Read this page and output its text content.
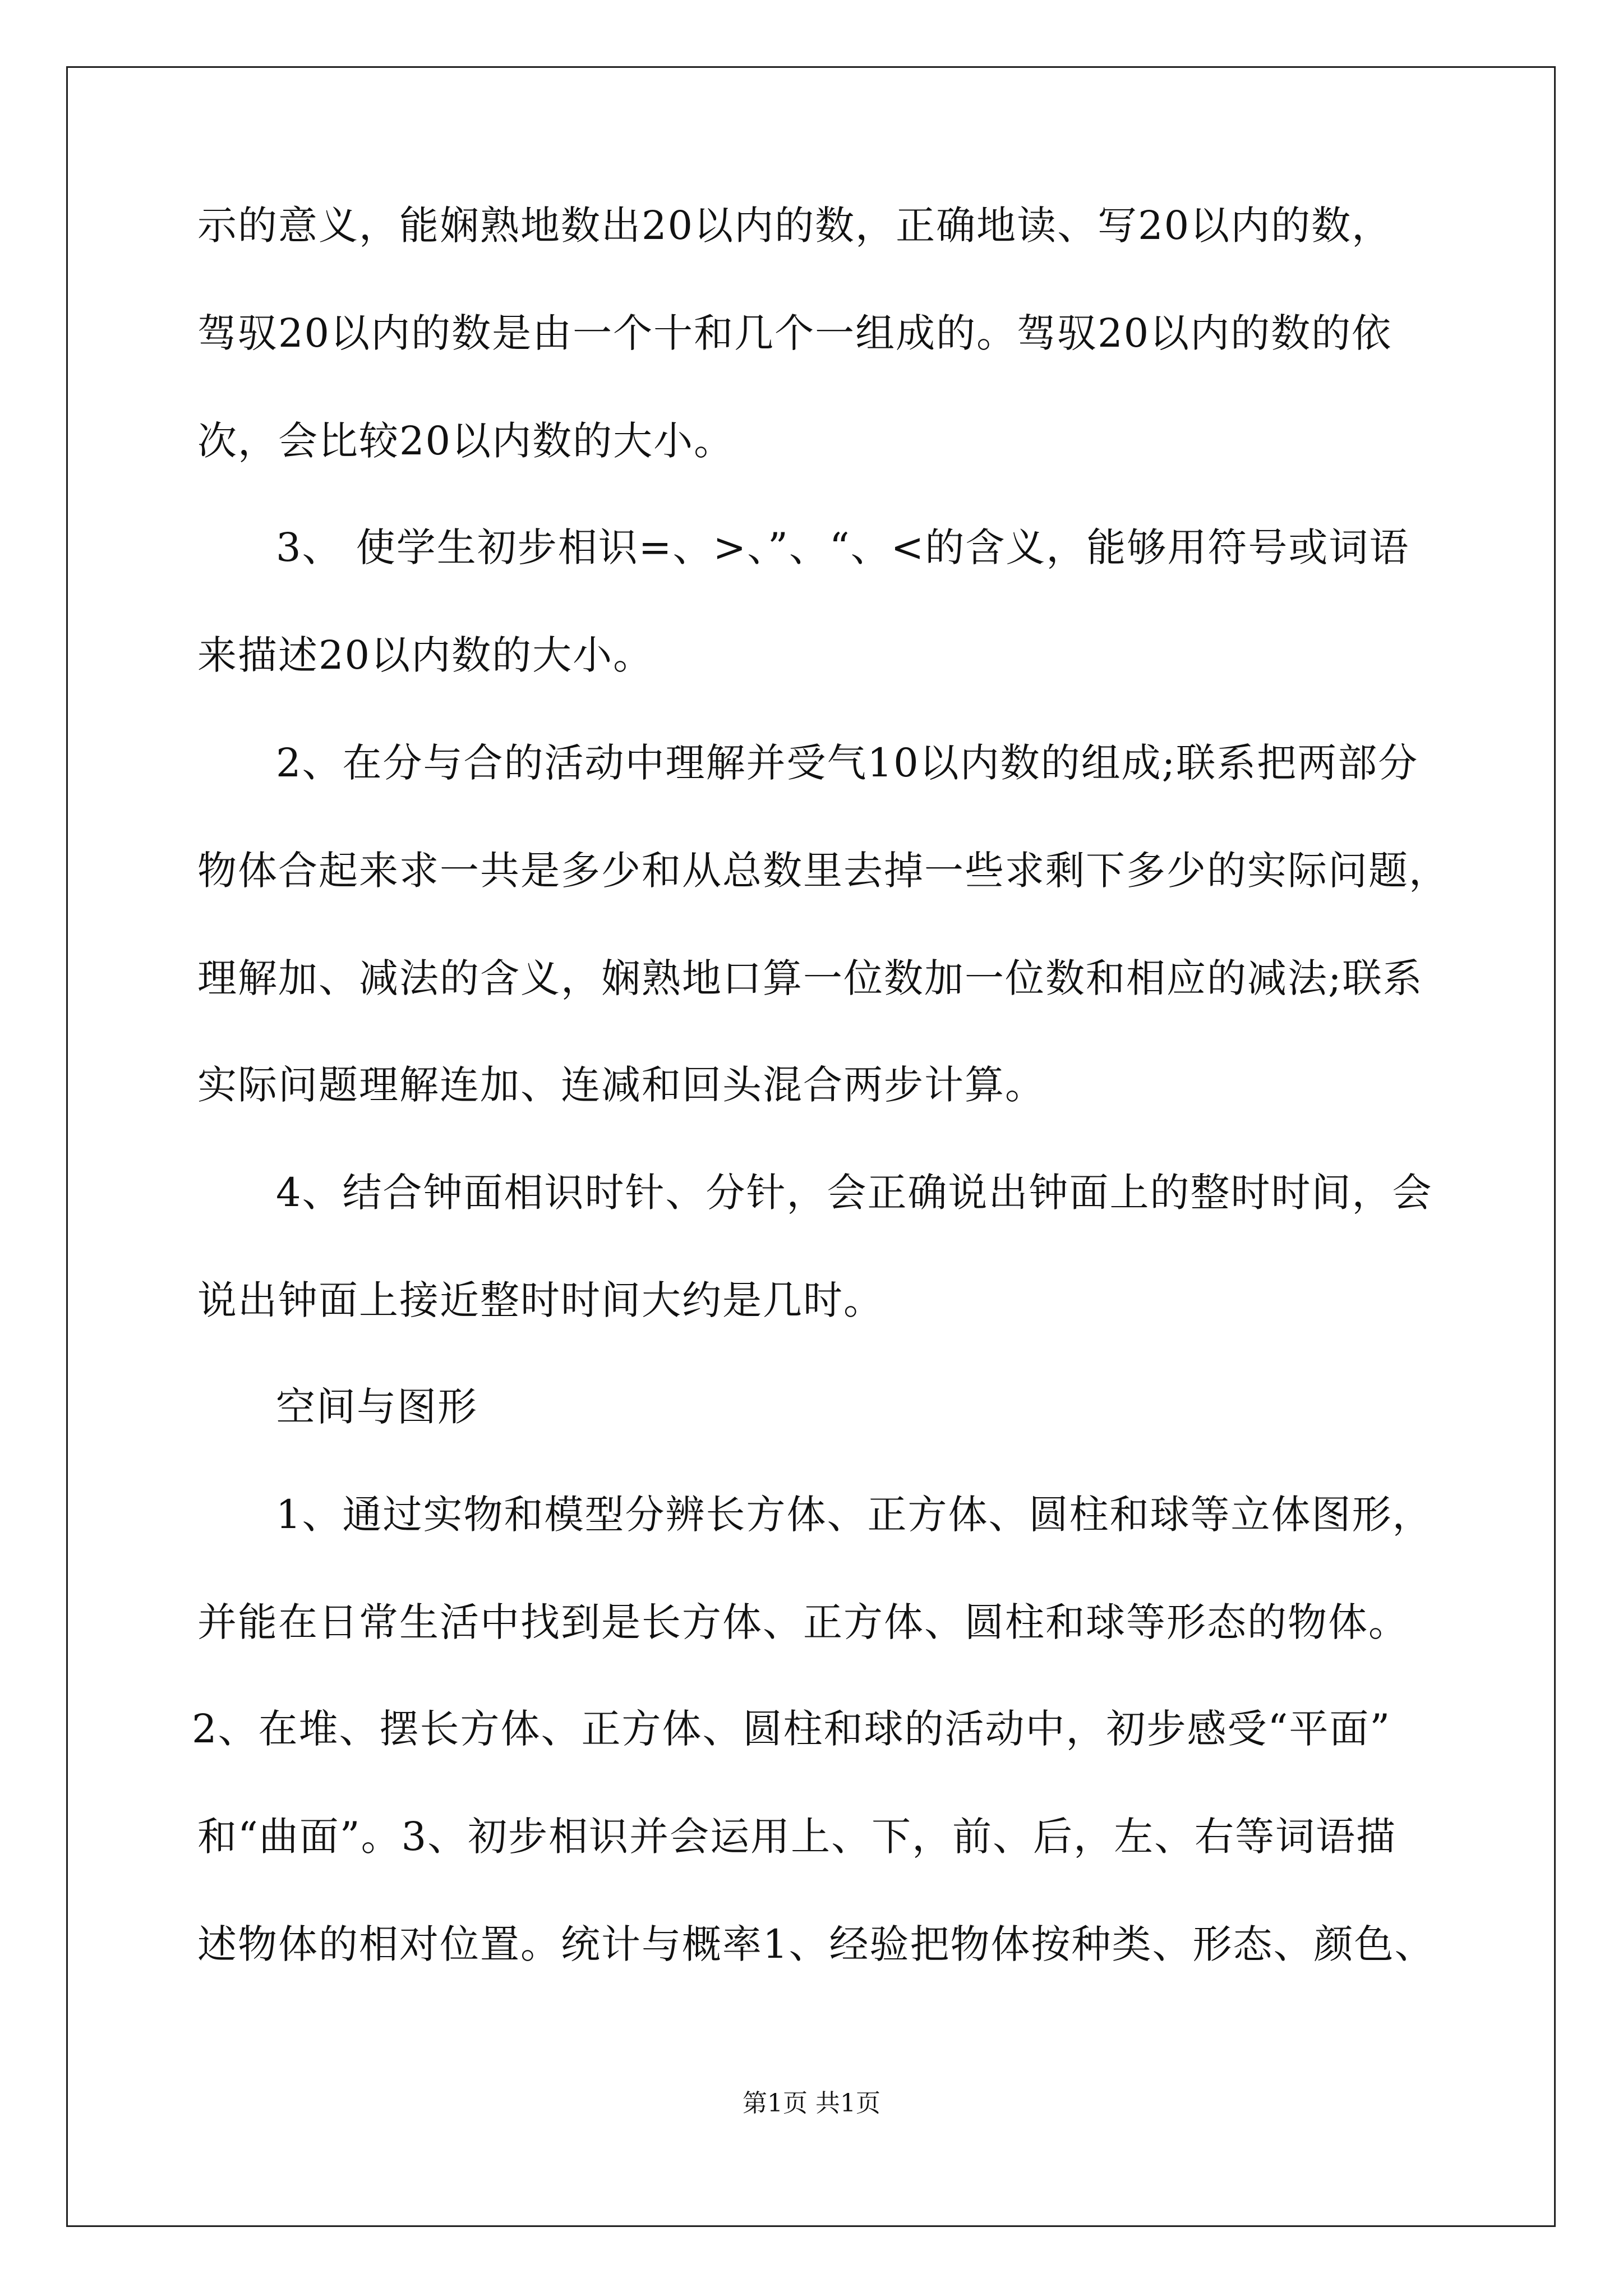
示的意义，能娴熟地数出20以内的数，正确地读、写20以内的数，
驾驭20以内的数是由一个十和几个一组成的。驾驭20以内的数的依
次，会比较20以内数的大小。
3、 使学生初步相识=、>、”、“、<的含义，能够用符号或词语
来描述20以内数的大小。
2、在分与合的活动中理解并受气10以内数的组成;联系把两部分
物体合起来求一共是多少和从总数里去掉一些求剩下多少的实际问题，
理解加、减法的含义，娴熟地口算一位数加一位数和相应的减法;联系
实际问题理解连加、连减和回头混合两步计算。
4、结合钟面相识时针、分针，会正确说出钟面上的整时时间，会
说出钟面上接近整时时间大约是几时。
空间与图形
1、通过实物和模型分辨长方体、正方体、圆柱和球等立体图形，
并能在日常生活中找到是长方体、正方体、圆柱和球等形态的物体。
2、在堆、摆长方体、正方体、圆柱和球的活动中，初步感受“平面”
和“曲面”。3、初步相识并会运用上、下，前、后，左、右等词语描
述物体的相对位置。统计与概率1、经验把物体按种类、形态、颜色、
第1页 共1页
